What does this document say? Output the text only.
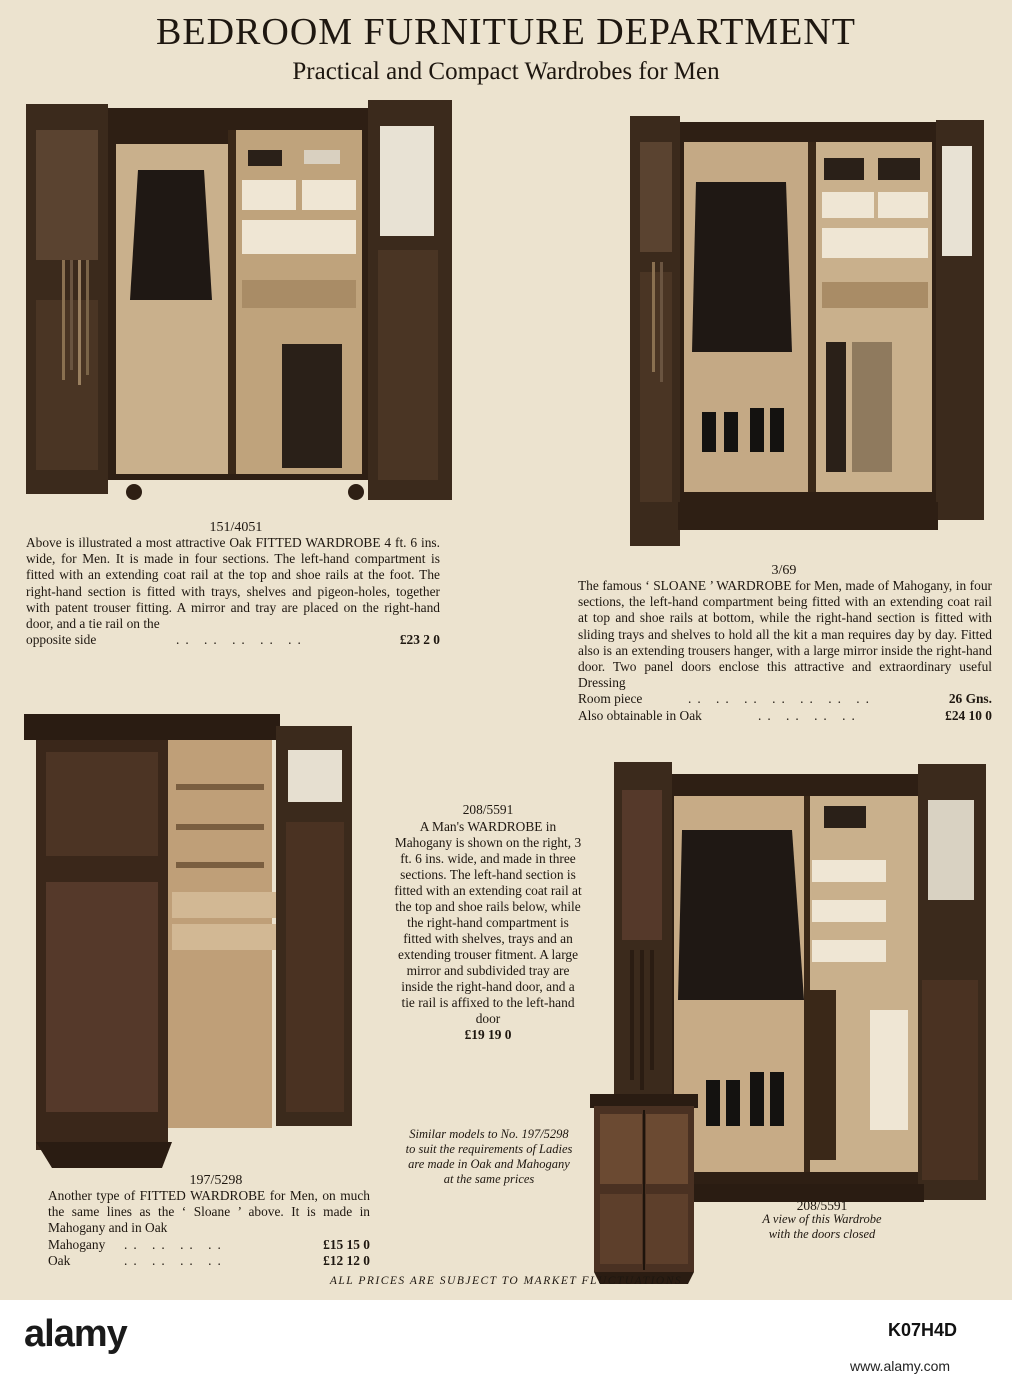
BEDROOM FURNITURE DEPARTMENT
Practical and Compact Wardrobes for Men
151/4051

Above is illustrated a most attractive Oak FITTED WARDROBE 4 ft. 6 ins. wide, for Men. It is made in four sections. The left-hand compartment is fitted with an extending coat rail at the top and shoe rails at the foot. The right-hand section is fitted with trays, shelves and pigeon-holes, together with patent trouser fitting. A mirror and tray are placed on the right-hand door, and a tie rail on the

opposite side	.. .. .. .. ..	£23 2 0
3/69

The famous ‘ SLOANE ’ WARDROBE for Men, made of Mahogany, in four sections, the left-hand compartment being fitted with an extending coat rail at top and shoe rails at bottom, while the right-hand section is fitted with sliding trays and shelves to hold all the kit a man requires day by day. Fitted also is an extending trousers hanger, with a large mirror inside the right-hand door. Two panel doors enclose this attractive and extraordinary useful Dressing

Room piece	.. .. .. .. .. .. ..	26 Gns.
Also obtainable in Oak	.. .. .. ..	£24 10 0
197/5298

Another type of FITTED WARDROBE for Men, on much the same lines as the ‘ Sloane ’ above. It is made in Mahogany and in Oak

Mahogany .. .. .. ..	£15 15 0
Oak	.. .. .. ..	£12 12 0
208/5591
A Man's WARDROBE in Mahogany is shown on the right, 3 ft. 6 ins. wide, and made in three sections. The left-hand section is fitted with an extending coat rail at the top and shoe rails below, while the right-hand compartment is fitted with shelves, trays and an extending trouser fitment. A large mirror and subdivided tray are inside the right-hand door, and a tie rail is affixed to the left-hand door
£19 19 0
Similar models to No. 197/5298 to suit the requirements of Ladies are made in Oak and Mahogany at the same prices
208/5591
A view of this Wardrobe with the doors closed
ALL PRICES ARE SUBJECT TO MARKET FLUCTUATIONS
alamy	K07H4D
www.alamy.com
